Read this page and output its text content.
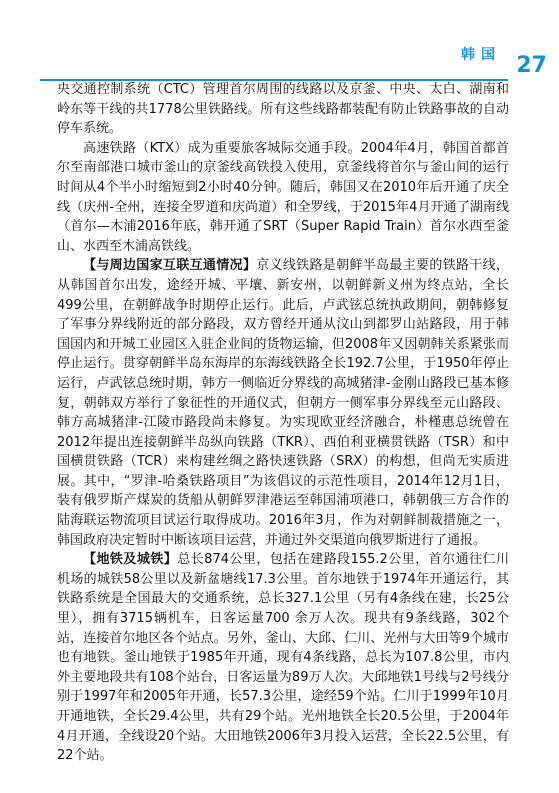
韩国 27

央交通控制系统（CTC）管理首尔周围的线路以及京釜、中央、太白、湖南和岭东等干线的共1778公里铁路线。所有这些线路都装配有防止铁路事故的自动停车系统。

高速铁路（KTX）成为重要旅客城际交通手段。2004年4月，韩国首都首尔至南部港口城市釜山的京釜线高铁投入使用，京釜线将首尔与釜山间的运行时间从4个半小时缩短到2小时40分钟。随后，韩国又在2010年后开通了庆全线（庆州-全州，连接全罗道和庆尚道）和全罗线，于2015年4月开通了湖南线（首尔—木浦2016年底，韩开通了SRT（Super Rapid Train）首尔水西至釜山、水西至木浦高铁线。

【与周边国家互联互通情况】京义线铁路是朝鲜半岛最主要的铁路干线，从韩国首尔出发，途经开城、平壤、新安州，以朝鲜新义州为终点站，全长499公里，在朝鲜战争时期停止运行。此后，卢武铉总统执政期间，朝韩修复了军事分界线附近的部分路段，双方曾经开通从汶山到都罗山站路段，用于韩国国内和开城工业园区入驻企业间的货物运输，但2008年又因朝韩关系紧张而停止运行。贯穿朝鲜半岛东海岸的东海线铁路全长192.7公里，于1950年停止运行，卢武铉总统时期，韩方一侧临近分界线的高城猪津-金刚山路段已基本修复，朝韩双方举行了象征性的开通仪式，但朝方一侧军事分界线至元山路段、韩方高城猪津-江陵市路段尚未修复。为实现欧亚经济融合，朴槿惠总统曾在2012年提出连接朝鲜半岛纵向铁路（TKR）、西伯利亚横贯铁路（TSR）和中国横贯铁路（TCR）来构建丝绸之路快速铁路（SRX）的构想，但尚无实质进展。其中，“罗津-哈桑铁路项目”为该倡议的示范性项目，2014年12月1日，装有俄罗斯产煤炭的货船从朝鲜罗津港运至韩国浦项港口，韩朝俄三方合作的陆海联运物流项目试运行取得成功。2016年3月，作为对朝鲜制裁措施之一，韩国政府决定暂时中断该项目运营，并通过外交渠道向俄罗斯进行了通报。

【地铁及城铁】总长874公里，包括在建路段155.2公里，首尔通往仁川机场的城铁58公里以及新盆塘线17.3公里。首尔地铁于1974年开通运行，其铁路系统是全国最大的交通系统，总长327.1公里（另有4条线在建，长25公里），拥有3715辆机车，日客运量700 余万人次。现共有9条线路，302个站，连接首尔地区各个站点。另外，釜山、大邱、仁川、光州与大田等9个城市也有地铁。釜山地铁于1985年开通，现有4条线路，总长为107.8公里，市内外主要地段共有108个站台，日客运量为89万人次。大邱地铁1号线与2号线分别于1997年和2005年开通，长57.3公里，途经59个站。仁川于1999年10月开通地铁，全长29.4公里，共有29个站。光州地铁全长20.5公里，于2004年4月开通，全线设20个站。大田地铁2006年3月投入运营，全长22.5公里，有22个站。
